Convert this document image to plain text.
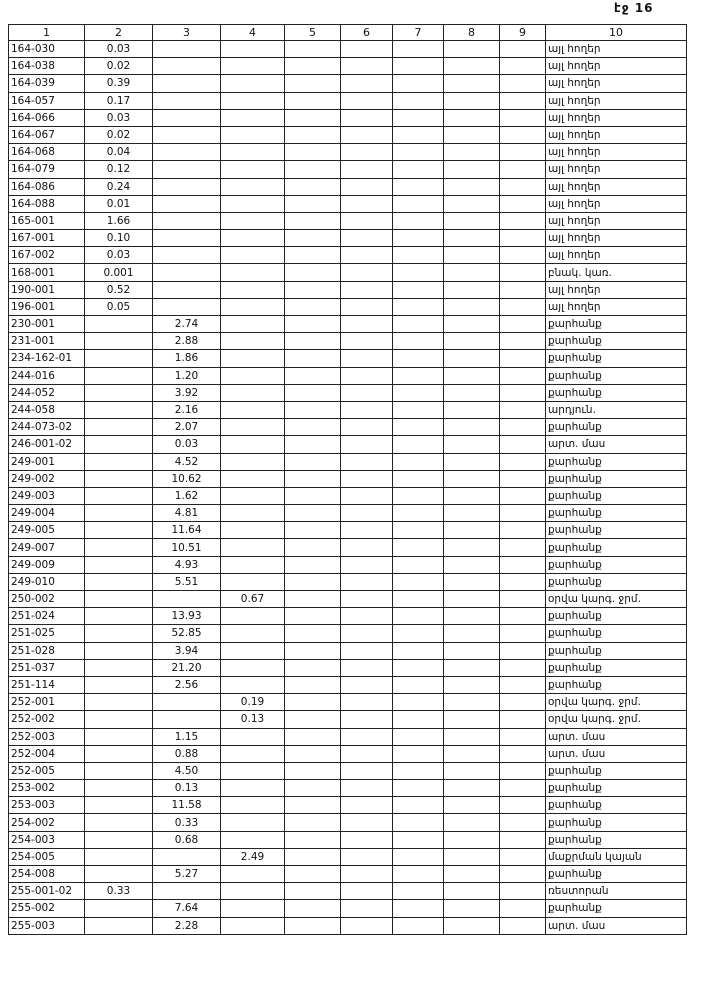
էջ 16
1	2	3	4	5	6	7	8	9	10
164-030	0.03								այլ հողեր
164-038	0.02								այլ հողեր
164-039	0.39								այլ հողեր
164-057	0.17								այլ հողեր
164-066	0.03								այլ հողեր
164-067	0.02								այլ հողեր
164-068	0.04								այլ հողեր
164-079	0.12								այլ հողեր
164-086	0.24								այլ հողեր
164-088	0.01								այլ հողեր
165-001	1.66								այլ հողեր
167-001	0.10								այլ հողեր
167-002	0.03								այլ հողեր
168-001	0.001								բնակ. կառ.
190-001	0.52								այլ հողեր
196-001	0.05								այլ հողեր
230-001		2.74							քարհանք
231-001		2.88							քարհանք
234-162-01		1.86							քարհանք
244-016		1.20							քարհանք
244-052		3.92							քարհանք
244-058		2.16							արդյուն.
244-073-02		2.07							քարհանք
246-001-02		0.03							արտ. մաս
249-001		4.52							քարհանք
249-002		10.62							քարհանք
249-003		1.62							քարհանք
249-004		4.81							քարհանք
249-005		11.64							քարհանք
249-007		10.51							քարհանք
249-009		4.93							քարհանք
249-010		5.51							քարհանք
250-002			0.67						օրվա կարգ. ջրմ.
251-024		13.93							քարհանք
251-025		52.85							քարհանք
251-028		3.94							քարհանք
251-037		21.20							քարհանք
251-114		2.56							քարհանք
252-001			0.19						օրվա կարգ. ջրմ.
252-002			0.13						օրվա կարգ. ջրմ.
252-003		1.15							արտ. մաս
252-004		0.88							արտ. մաս
252-005		4.50							քարհանք
253-002		0.13							քարհանք
253-003		11.58							քարհանք
254-002		0.33							քարհանք
254-003		0.68							քարհանք
254-005			2.49						մաքրման կայան
254-008		5.27							քարհանք
255-001-02	0.33								ռեստորան
255-002		7.64							քարհանք
255-003		2.28							արտ. մաս
